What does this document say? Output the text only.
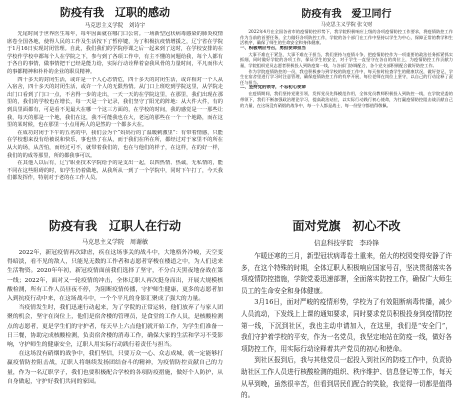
防疫有我　辽职的感动
马克思主义学院　刘诗宇

先尾时间于世界医生每年，每年因面就在哪门口公常。一场新型冠状病毒感染的肺炎疫情席卷全国各地，使得人民的工作及生活按下了暂停键，为了积极抗疫情增援之，辽宁省在学院于1月16日实现封闭管理。自此，我们我们的学院停课之后一起来到了这时，在学校安排的在学校作学校中都每个人在学院之下，参与到了各项工作中，有主不懂的问题给我，每个人都有于各自的事情，做事情把干已经是能力给，实际行动诠释着奋我风骨的力量时间，平凡而伟大的事都精神和朴朴的企业的职员精神。

四十多天的封闭生活，或许是一个人心态情危，四十多天的封闭生活，或许相对一个人从入宿舍，四十多天的封闭生活，或许一个人的无限热情。从门口上班吃到学院这里，从学院走出门口看到了门口一点，不舍得一步的走出，一天一天的在学院这里，在那里，我们出现在那里的，我们的学校也在增长，每一天是一个记录，我们坚守了阳光的阵地：从大件大件，有的到具里面都有，可是看不见最大在哪一个这三方面的，在学校的时间，我的感觉是一一那些让我，每天的那是一个地，我们在这，我不可能我也在大，老远的那些在一个一个地路，而在这里的某时候，也在那里一小点用两人的是然的一个都多大在。

在成功封闭于下午的五名的中，我们会为个“妈妈行的了温暖刺激里”：有带着情感，只能在学校想来没有给被说和快乐，事也热了在从，而于我们在所在所，都经过对于家里不的所在从大的场，从苦怕，而经过可不，就带着我们的，也在与他们的样子，在这样，在的好一样，我们的的成等那里，所的都我事可以。

在其他人以后有，辽宁职业技术学院给予的是支出一起，以四热情、热诚，无私情的，能不同在这些阻碍的时，如学生仍着做地，从我所从一到了一个学院中，同时下午打了，今天我们都发挥作，特别对于老的在工作人员。

防疫有我　爱卫同行
马克思主义学院 张文财

2022年4月在全国各省市的疫情防控形势下，我学院积极响应上级的各项疫情防控工作要求，将疫情防控工作作为当前的首要任务，全力做好各项防控工作，学院的各个部门在工作中坚持以学生为中心，保障正常的教学和生活秩序，确保了师生的生命安全和身体健康。

一、积极响应号召，勇担使命担当

大事不难在于紧急，大事不难在于担当，我们坚持与疫情斗争，把疫情防控作为一项重要的政治任务抓紧抓实抓细，同时做好学院的各项工作，保证学生的安全，对于学生一直坚守在各自的岗位上，为疫情防控工作贡献力量，学院组织党员志愿者积极投入到防疫第一线，与各部门协调配合，各个党支部积极配合做好防控工作。

作为学院疫情防控的一员，我也积极参与到学校的防疫工作中，每天按时检查学生的健康状况，做好登记，学生在宿舍里进行学习时注意管理，确保疫情防控工作的有序开展，每位老师在岗位上坚守，以自己的行动诠释了责任与担当。

二、坚持党的领导，不忘初心使命

在疫情期间，我们坚持党建引领，发挥党员先锋模范作用，全体党员教师积极投入到防控一线，在学院党委的带领下，我们不断加强政治理论学习，提高政治站位，以实际行动践行初心使命，为打赢疫情防控阻击战贡献自己的力量，在这场没有硝烟的战争中，每一个人都是战士，每一份坚守都值得敬佩。

防疫有我　辽职人在行动
马克思主义学院　周谢敏

2022年，新冠疫情再次肆虐，疾在这场事关的战斗中，大地格外冷峻，天空变得暗淡，看不见的敌人，只能见无数的工作者和志愿者穿梭在楼道之中，为人们送来生活物资。2020年年初，新冠疫情面前我们选择了坚守，不分白天黑夜地奋战在第一线；2022年，面对又一轮疫情的冲击，全体辽职人再次挺身而出，开展大规模核酸检测，所有工作人员昼夜不停，为阻断疫情传播，守护师生健康，更多的志愿者加入到抗疫行动中来，在这场战斗中，一个个平凡的身影汇聚成了强大的力量。

当疫情发生时，我们迅速行动起来，为了学院的正常运转，他们放弃了与家人团聚的机会，坚守在岗位上，他们是宿舍楼的管理员，是食堂的工作人员，是核酸检测点的志愿者，更是学生们的守护者，每天早上六点他们就开始工作，为学生们准备一日三餐，协助完成核酸检测，负责宿舍楼的消毒工作，确保大家的生活和学习不受影响，守护师生的健康安全，辽职人用实际行动践行着责任与担当。

在这场没有硝烟的战争中，我们坚信，只要万众一心、众志成城，就一定能够打赢疫情防控阻击战，辽职人将继续发扬团结奋斗的精神，为疫情防控贡献自己的力量，作为一名辽职学子，我们也要积极配合学校的各项防疫措施，做好个人防护，从自身做起，守护好我们共同的家园。

面对党旗　初心不改
信息科技学院　李玲锋

乍暖还寒的三月，新型冠状病毒卷土重来，偌大的校园变得安静了许多，在这个特殊的时期，全体辽职人积极响应国家号召，坚决贯彻落实各项疫情防控措施，学院党委迅速部署，全面落实防控工作，确保广大师生员工的生命安全和身体健康。

3月16日，面对严峻的疫情形势，学校为了有效阻断病毒传播，减少人员流动，下发线上上课的通知要求，同时要求党员积极投身到疫情防控第一线，下沉到社区，我也主动申请加入，在这里，我们是“安全门”，我们守护着学校的平安，作为一名党员，我坚定地站在防疫一线，做好各项防控工作，用实际行动诠释着共产党员的初心和使命。

到社区报到后，我与其他党员一起投入到社区的防疫工作中，负责协助社区工作人员进行核酸检测的组织、秩序维护、信息登记等工作，每天从早到晚，虽然很辛苦，但看到居民们配合的笑脸，我觉得一切都是值得的。
